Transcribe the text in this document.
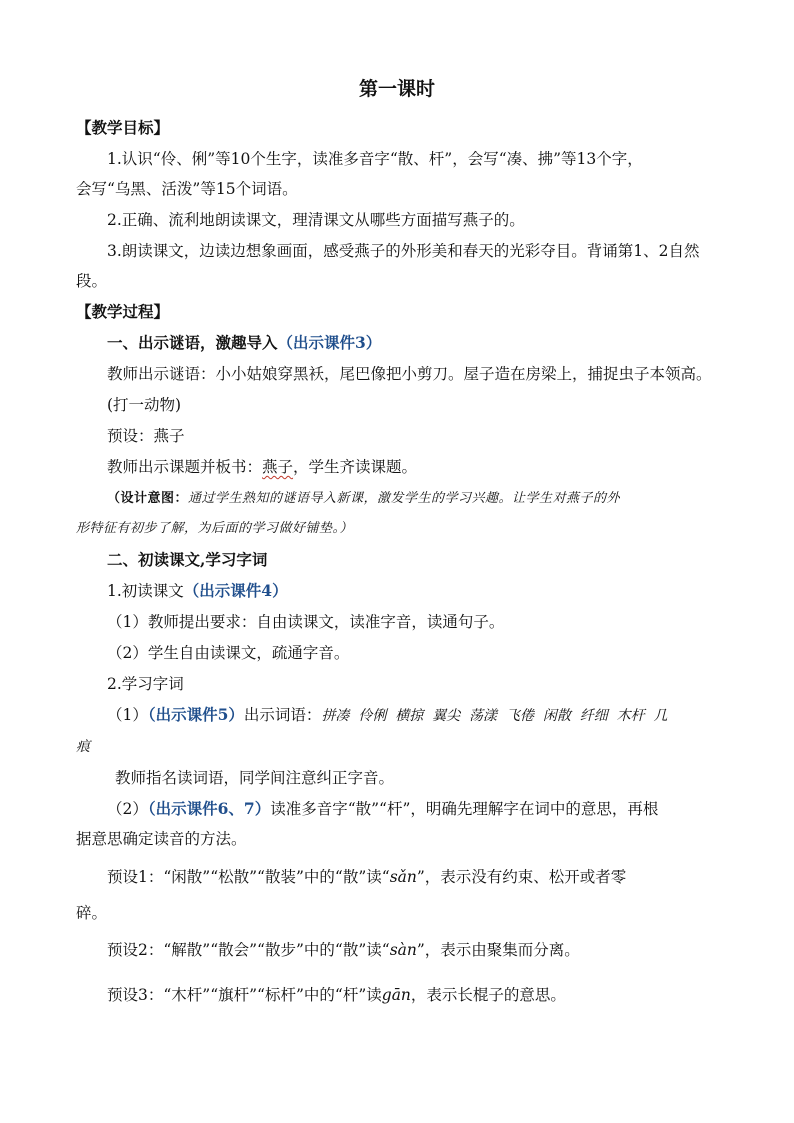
第一课时
【教学目标】
1.认识“伶、俐”等10个生字，读准多音字“散、杆”，会写“凑、拂”等13个字，
会写“乌黑、活泼”等15个词语。
2.正确、流利地朗读课文，理清课文从哪些方面描写燕子的。
3.朗读课文，边读边想象画面，感受燕子的外形美和春天的光彩夺目。背诵第1、2自然
段。
【教学过程】
一、出示谜语，激趣导入（出示课件3）
教师出示谜语：小小姑娘穿黑袄，尾巴像把小剪刀。屋子造在房梁上，捕捉虫子本领高。
(打一动物)
预设：燕子
教师出示课题并板书：燕子，学生齐读课题。
（设计意图：通过学生熟知的谜语导入新课，激发学生的学习兴趣。让学生对燕子的外
形特征有初步了解，为后面的学习做好铺垫。）
二、初读课文,学习字词
1.初读课文（出示课件4）
（1）教师提出要求：自由读课文，读准字音，读通句子。
（2）学生自由读课文，疏通字音。
2.学习字词
（1）（出示课件5）出示词语：拼凑  伶俐  横掠  翼尖  荡漾  飞倦  闲散  纤细  木杆  几
痕
教师指名读词语，同学间注意纠正字音。
（2）（出示课件6、7）读准多音字“散”“杆”，明确先理解字在词中的意思，再根
据意思确定读音的方法。
预设1：“闲散”“松散”“散装”中的“散”读“sǎn”，表示没有约束、松开或者零
碎。
预设2：“解散”“散会”“散步”中的“散”读“sàn”，表示由聚集而分离。
预设3：“木杆”“旗杆”“标杆”中的“杆”读gān，表示长棍子的意思。
